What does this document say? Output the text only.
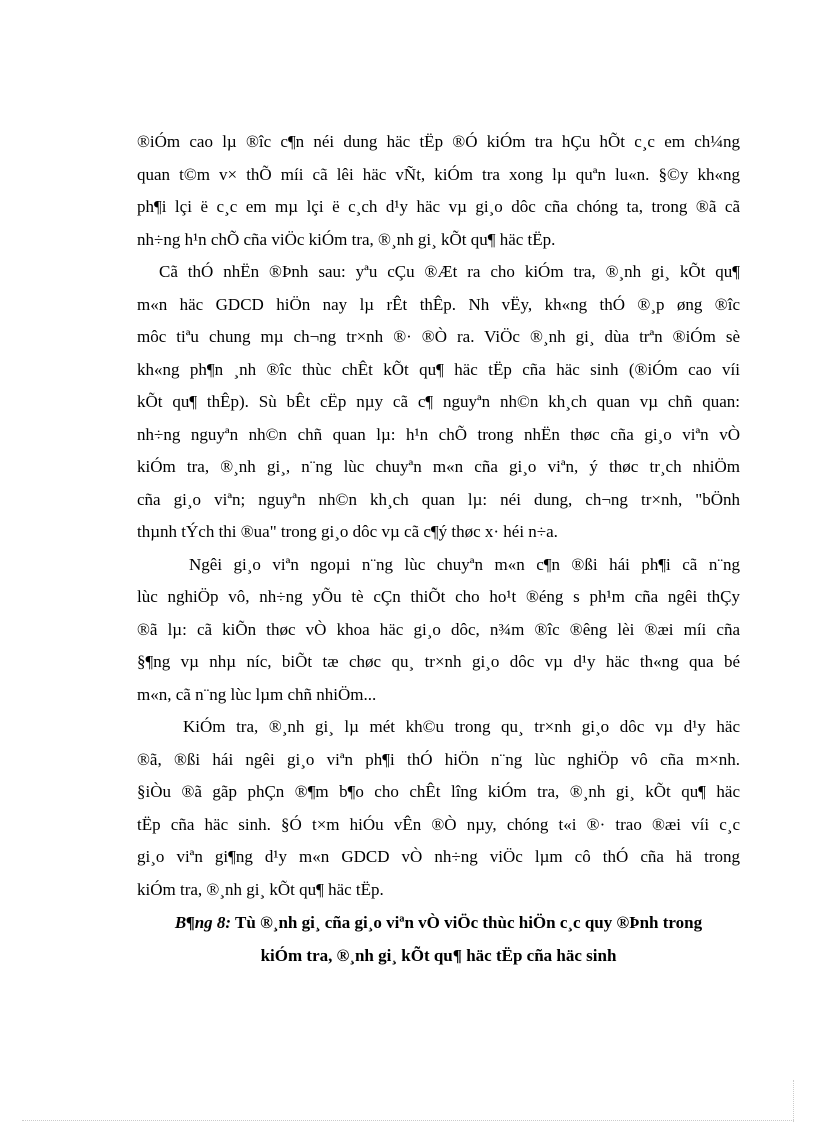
®iÓm cao lµ ®îc c¶n néi dung häc tËp ®Ó kiÓm tra hÇu hÕt c¸c em ch¼ng
quan t©m v× thÕ míi cã lêi häc vÑt, kiÓm tra xong lµ quªn lu«n. §©y kh«ng
ph¶i lçi ë c¸c em mµ lçi ë c¸ch d¹y häc vµ gi¸o dôc cña chóng ta, trong ®ã cã
nh÷ng h¹n chÕ cña viÖc kiÓm tra, ®¸nh gi¸ kÕt qu¶ häc tËp.

Cã thÓ nhËn ®Þnh sau: yªu cÇu ®Æt ra cho kiÓm tra, ®¸nh gi¸ kÕt qu¶
m«n häc GDCD hiÖn nay lµ rÊt thÊp. Nh vËy, kh«ng thÓ ®¸p øng ®îc
môc tiªu chung mµ ch¬ng tr×nh ®· ®Ò ra. ViÖc ®¸nh gi¸ dùa trªn ®iÓm sè
kh«ng ph¶n ¸nh ®îc thùc chÊt kÕt qu¶ häc tËp cña häc sinh (®iÓm cao víi
kÕt qu¶ thÊp). Sù bÊt cËp nµy cã c¶ nguyªn nh©n kh¸ch quan vµ chñ quan:
nh÷ng nguyªn nh©n chñ quan lµ: h¹n chÕ trong nhËn thøc cña gi¸o viªn vÒ
kiÓm tra, ®¸nh gi¸, n¨ng lùc chuyªn m«n cña gi¸o viªn, ý thøc tr¸ch nhiÖm
cña gi¸o viªn; nguyªn nh©n kh¸ch quan lµ: néi dung, ch¬ng tr×nh, "bÖnh
thµnh tÝch thi ®ua" trong gi¸o dôc vµ cã c¶ý thøc x· héi n÷a.

Ngêi gi¸o viªn ngoµi n¨ng lùc chuyªn m«n c¶n ®ßi hái ph¶i cã n¨ng
lùc nghiÖp vô, nh÷ng yÕu tè cÇn thiÕt cho ho¹t ®éng s ph¹m cña ngêi thÇy
®ã lµ: cã kiÕn thøc vÒ khoa häc gi¸o dôc, n¾m ®îc ®êng lèi ®æi míi cña
§¶ng vµ nhµ níc, biÕt tæ chøc qu¸ tr×nh gi¸o dôc vµ d¹y häc th«ng qua bé
m«n, cã n¨ng lùc lµm chñ nhiÖm...

KiÓm tra, ®¸nh gi¸ lµ mét kh©u trong qu¸ tr×nh gi¸o dôc vµ d¹y häc
®ã, ®ßi hái ngêi gi¸o viªn ph¶i thÓ hiÖn n¨ng lùc nghiÖp vô cña m×nh.
§iÒu ®ã gãp phÇn ®¶m b¶o cho chÊt lîng kiÓm tra, ®¸nh gi¸ kÕt qu¶ häc
tËp cña häc sinh. §Ó t×m hiÓu vÊn ®Ò nµy, chóng t«i ®· trao ®æi víi c¸c
gi¸o viªn gi¶ng d¹y m«n GDCD vÒ nh÷ng viÖc lµm cô thÓ cña hä trong
kiÓm tra, ®¸nh gi¸ kÕt qu¶ häc tËp.

B¶ng 8: Tù ®¸nh gi¸ cña gi¸o viªn vÒ viÖc thùc hiÖn c¸c quy ®Þnh trong
kiÓm tra, ®¸nh gi¸ kÕt qu¶ häc tËp cña häc sinh
